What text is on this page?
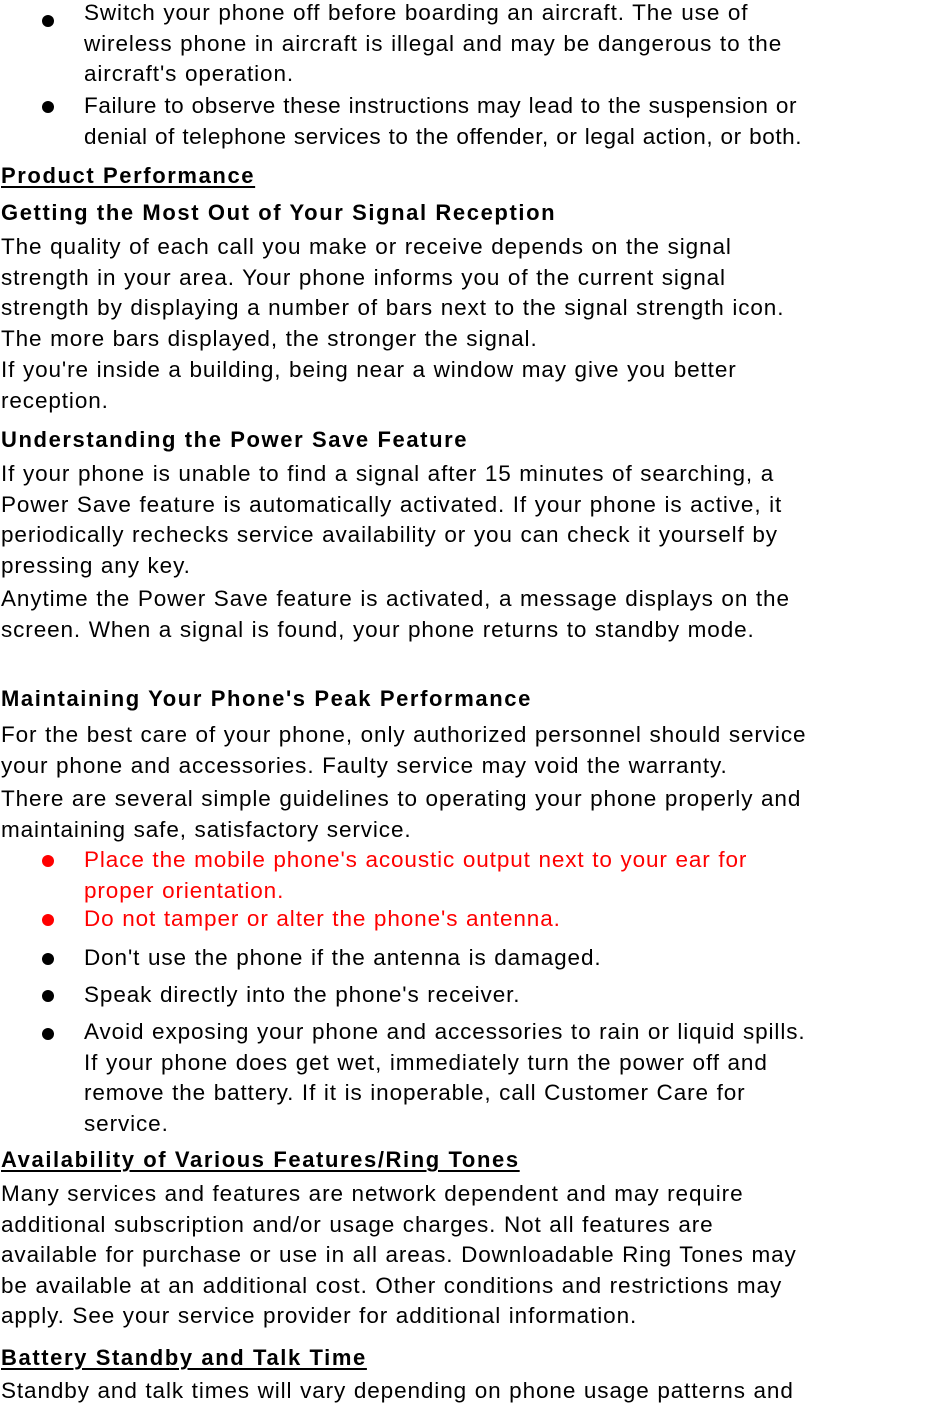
Switch your phone off before boarding an aircraft. The use of
wireless phone in aircraft is illegal and may be dangerous to the
aircraft's operation.
Failure to observe these instructions may lead to the suspension or
denial of telephone services to the offender, or legal action, or both.
Product Performance
Getting the Most Out of Your Signal Reception
The quality of each call you make or receive depends on the signal
strength in your area. Your phone informs you of the current signal
strength by displaying a number of bars next to the signal strength icon.
The more bars displayed, the stronger the signal.
If you're inside a building, being near a window may give you better
reception.
Understanding the Power Save Feature
If your phone is unable to find a signal after 15 minutes of searching, a
Power Save feature is automatically activated. If your phone is active, it
periodically rechecks service availability or you can check it yourself by
pressing any key.
Anytime the Power Save feature is activated, a message displays on the
screen. When a signal is found, your phone returns to standby mode.
Maintaining Your Phone's Peak Performance
For the best care of your phone, only authorized personnel should service
your phone and accessories. Faulty service may void the warranty.
There are several simple guidelines to operating your phone properly and
maintaining safe, satisfactory service.
Place the mobile phone's acoustic output next to your ear for
proper orientation.
Do not tamper or alter the phone's antenna.
Don't use the phone if the antenna is damaged.
Speak directly into the phone's receiver.
Avoid exposing your phone and accessories to rain or liquid spills.
If your phone does get wet, immediately turn the power off and
remove the battery. If it is inoperable, call Customer Care for
service.
Availability of Various Features/Ring Tones
Many services and features are network dependent and may require
additional subscription and/or usage charges. Not all features are
available for purchase or use in all areas. Downloadable Ring Tones may
be available at an additional cost. Other conditions and restrictions may
apply. See your service provider for additional information.
Battery Standby and Talk Time
Standby and talk times will vary depending on phone usage patterns and
